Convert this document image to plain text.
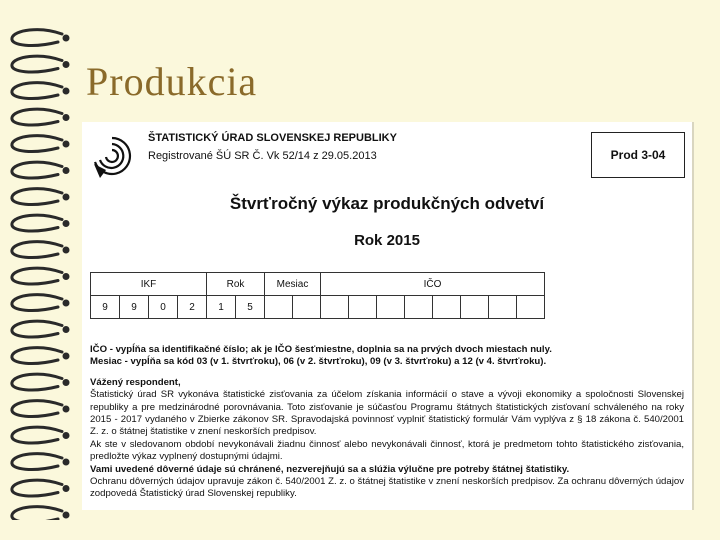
Produkcia
ŠTATISTICKÝ ÚRAD SLOVENSKEJ REPUBLIKY
Registrované ŠÚ SR Č. Vk 52/14 z 29.05.2013	Prod 3-04
Štvrťročný výkaz produkčných odvetví
Rok 2015
IKF				Rok		Mesiac		IČO							
9	9	0	2	1	5										

IČO - vypĺňa sa identifikačné číslo; ak je IČO šesťmiestne, doplnia sa na prvých dvoch miestach nuly.

Mesiac - vypĺňa sa kód 03 (v 1. štvrťroku), 06 (v 2. štvrťroku), 09 (v 3. štvrťroku) a 12 (v 4. štvrťroku).

Vážený respondent,

Štatistický úrad SR vykonáva štatistické zisťovania za účelom získania informácií o stave a vývoji ekonomiky a spoločnosti Slovenskej republiky a pre medzinárodné porovnávania. Toto zisťovanie je súčasťou Programu štátnych štatistických zisťovaní schváleného na roky 2015 - 2017 vydaného v Zbierke zákonov SR. Spravodajská povinnosť vyplniť štatistický formulár Vám vyplýva z § 18 zákona č. 540/2001 Z. z. o štátnej štatistike v znení neskorších predpisov.

Ak ste v sledovanom období nevykonávali žiadnu činnosť alebo nevykonávali činnosť, ktorá je predmetom tohto štatistického zisťovania, predložte výkaz vyplnený dostupnými údajmi.

Vami uvedené dôverné údaje sú chránené, nezverejňujú sa a slúžia výlučne pre potreby štátnej štatistiky.

Ochranu dôverných údajov upravuje zákon č. 540/2001 Z. z. o štátnej štatistike v znení neskorších predpisov. Za ochranu dôverných údajov zodpovedá Štatistický úrad Slovenskej republiky.
